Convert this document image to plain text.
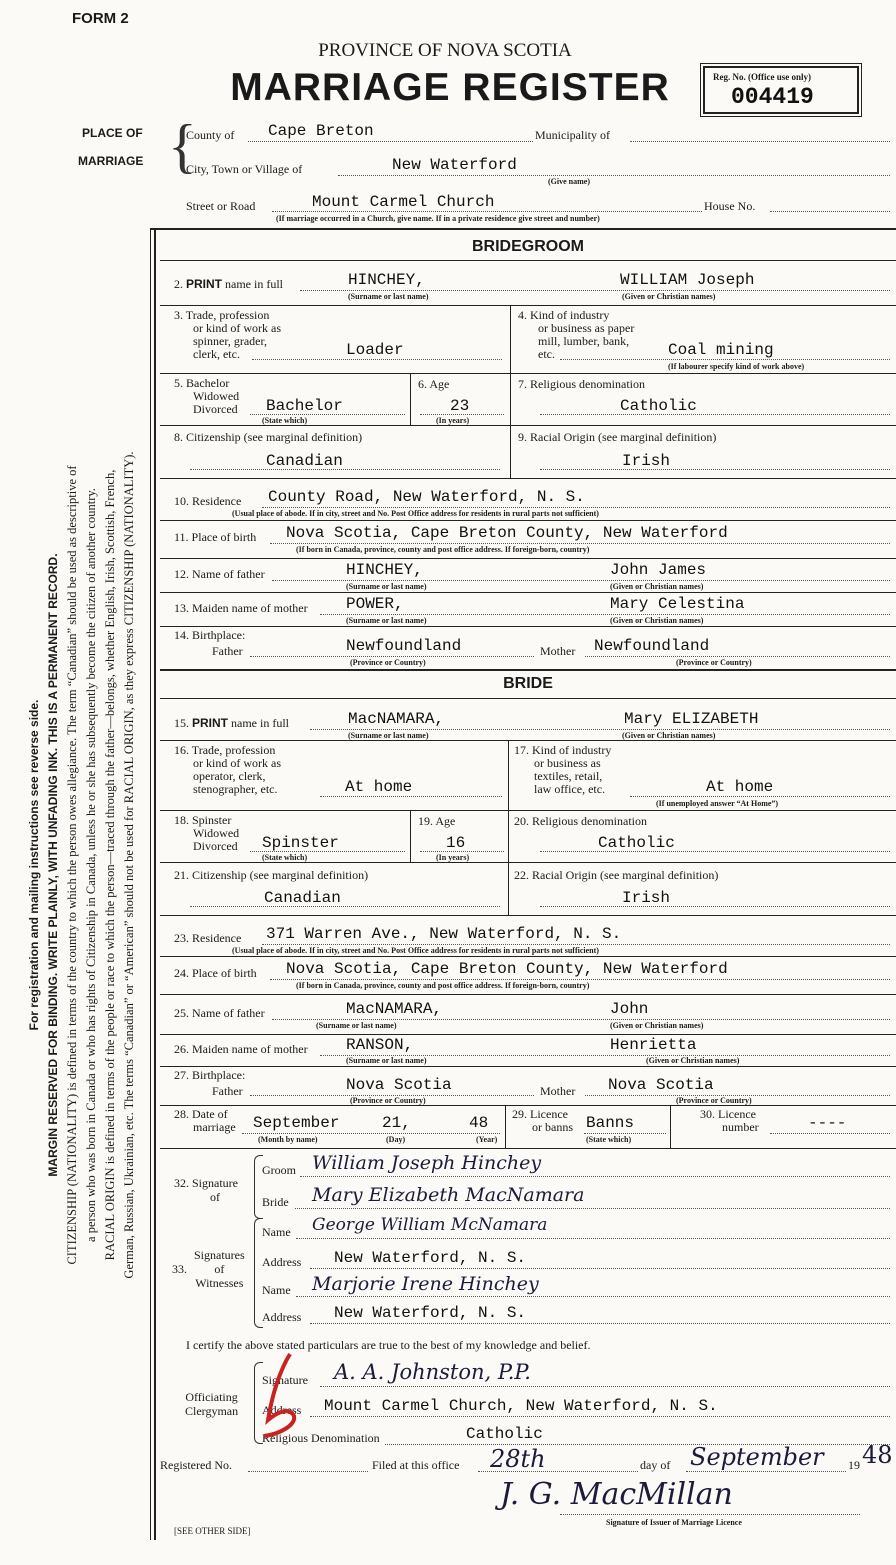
For registration and mailing instructions see reverse side. MARGIN RESERVED FOR BINDING. WRITE PLAINLY, WITH UNFADING INK. THIS IS A PERMANENT RECORD. CITIZENSHIP (NATIONALITY) is defined in terms of the country to which the person owes allegiance. The term “Canadian” should be used as descriptive of a person who was born in Canada or who has rights of Citizenship in Canada, unless he or she has subsequently become the citizen of another country. RACIAL ORIGIN is defined in terms of the people or race to which the person—traced through the father—belongs, whether English, Irish, Scottish, French, German, Russian, Ukrainian, etc. The terms “Canadian” or “American” should not be used for RACIAL ORIGIN, as they express CITIZENSHIP (NATIONALITY).
FORM 2
PROVINCE OF NOVA SCOTIA
MARRIAGE REGISTER	Reg. No. (Office use only)
004419
PLACE OF
MARRIAGE {
County of Cape Breton	Municipality of
City, Town or Village of	New Waterford
(Give name)
Street or Road	Mount Carmel Church	House No.
(If marriage occurred in a Church, give name. If in a private residence give street and number)
BRIDEGROOM
2. PRINT name in full	HINCHEY,	WILLIAM Joseph
(Surname or last name)	(Given or Christian names)
3. Trade, profession
or kind of work as
spinner, grader,
clerk, etc.	Loader
4. Kind of industry
or business as paper
mill, lumber, bank,
etc.	Coal mining
(If labourer specify kind of work above)
5. Bachelor
Widowed
Divorced Bachelor
(State which)
6. Age
23
(In years)
7. Religious denomination
Catholic
8. Citizenship (see marginal definition)
Canadian
9. Racial Origin (see marginal definition)
Irish
10. Residence County Road, New Waterford, N. S.
(Usual place of abode. If in city, street and No. Post Office address for residents in rural parts not sufficient)
11. Place of birth Nova Scotia, Cape Breton County, New Waterford
(If born in Canada, province, county and post office address. If foreign-born, country)
12. Name of father	HINCHEY,	John James
(Surname or last name)	(Given or Christian names)
13. Maiden name of mother POWER,	Mary Celestina
(Surname or last name)	(Given or Christian names)
14. Birthplace:
Father	Newfoundland	Mother Newfoundland
(Province or Country)	(Province or Country)
BRIDE
15. PRINT name in full	MacNAMARA,	Mary ELIZABETH
(Surname or last name)	(Given or Christian names)
16. Trade, profession
or kind of work as
operator, clerk,
stenographer, etc.	At home
17. Kind of industry
or business as
textiles, retail,
law office, etc.	At home
(If unemployed answer “At Home”)
18. Spinster
Widowed
Divorced Spinster
(State which)
19. Age
16
(In years)
20. Religious denomination
Catholic
21. Citizenship (see marginal definition)
Canadian
22. Racial Origin (see marginal definition)
Irish
23. Residence 371 Warren Ave., New Waterford, N. S.
(Usual place of abode. If in city, street and No. Post Office address for residents in rural parts not sufficient)
24. Place of birth Nova Scotia, Cape Breton County, New Waterford
(If born in Canada, province, county and post office address. If foreign-born, country)
25. Name of father	MacNAMARA,	John
(Surname or last name)	(Given or Christian names)
26. Maiden name of mother RANSON,	Henrietta
(Surname or last name)	(Given or Christian names)
27. Birthplace:
Father	Nova Scotia	Mother Nova Scotia
(Province or Country)	(Province or Country)
28. Date of
marriage September	21,	48
(Month by name)	(Day)	(Year)
29. Licence
or banns Banns
(State which)
30. Licence
number	----
32. Signature
of
Groom William Joseph Hinchey
Bride Mary Elizabeth MacNamara
33.
Signatures
of
Witnesses
Name George William McNamara
Address New Waterford, N. S.
Name Marjorie Irene Hinchey
Address New Waterford, N. S.
I certify the above stated particulars are true to the best of my knowledge and belief.
Officiating
Clergyman
Signature A. A. Johnston, P.P.
Address Mount Carmel Church, New Waterford, N. S.
Religious Denomination	Catholic
Registered No.	Filed at this office 28th	day of September 19 48
J. G. MacMillan
Signature of Issuer of Marriage Licence
[SEE OTHER SIDE]
